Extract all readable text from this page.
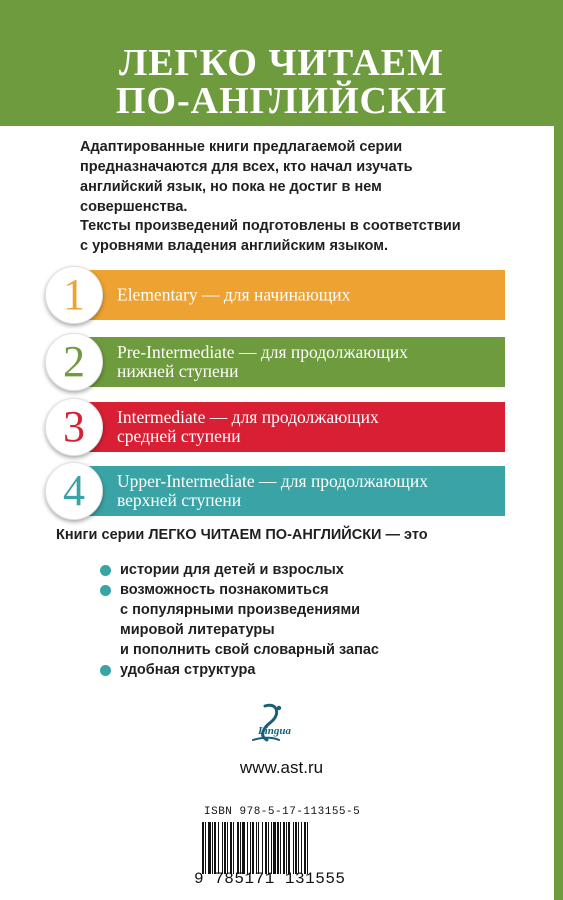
ЛЕГКО ЧИТАЕМ
ПО-АНГЛИЙСКИ
Адаптированные книги предлагаемой серии
предназначаются для всех, кто начал изучать
английский язык, но пока не достиг в нем
совершенства.
Тексты произведений подготовлены в соответствии
с уровнями владения английским языком.
1	Elementary — для начинающих
2	Pre-Intermediate — для продолжающих
нижней ступени
3	Intermediate — для продолжающих
средней ступени
4	Upper-Intermediate — для продолжающих
верхней ступени
Книги серии ЛЕГКО ЧИТАЕМ ПО-АНГЛИЙСКИ — это
истории для детей и взрослых
возможность познакомиться
с популярными произведениями
мировой литературы
и пополнить свой словарный запас
удобная структура
Lingua
www.ast.ru
ISBN 978-5-17-113155-5
9 785171 131555
